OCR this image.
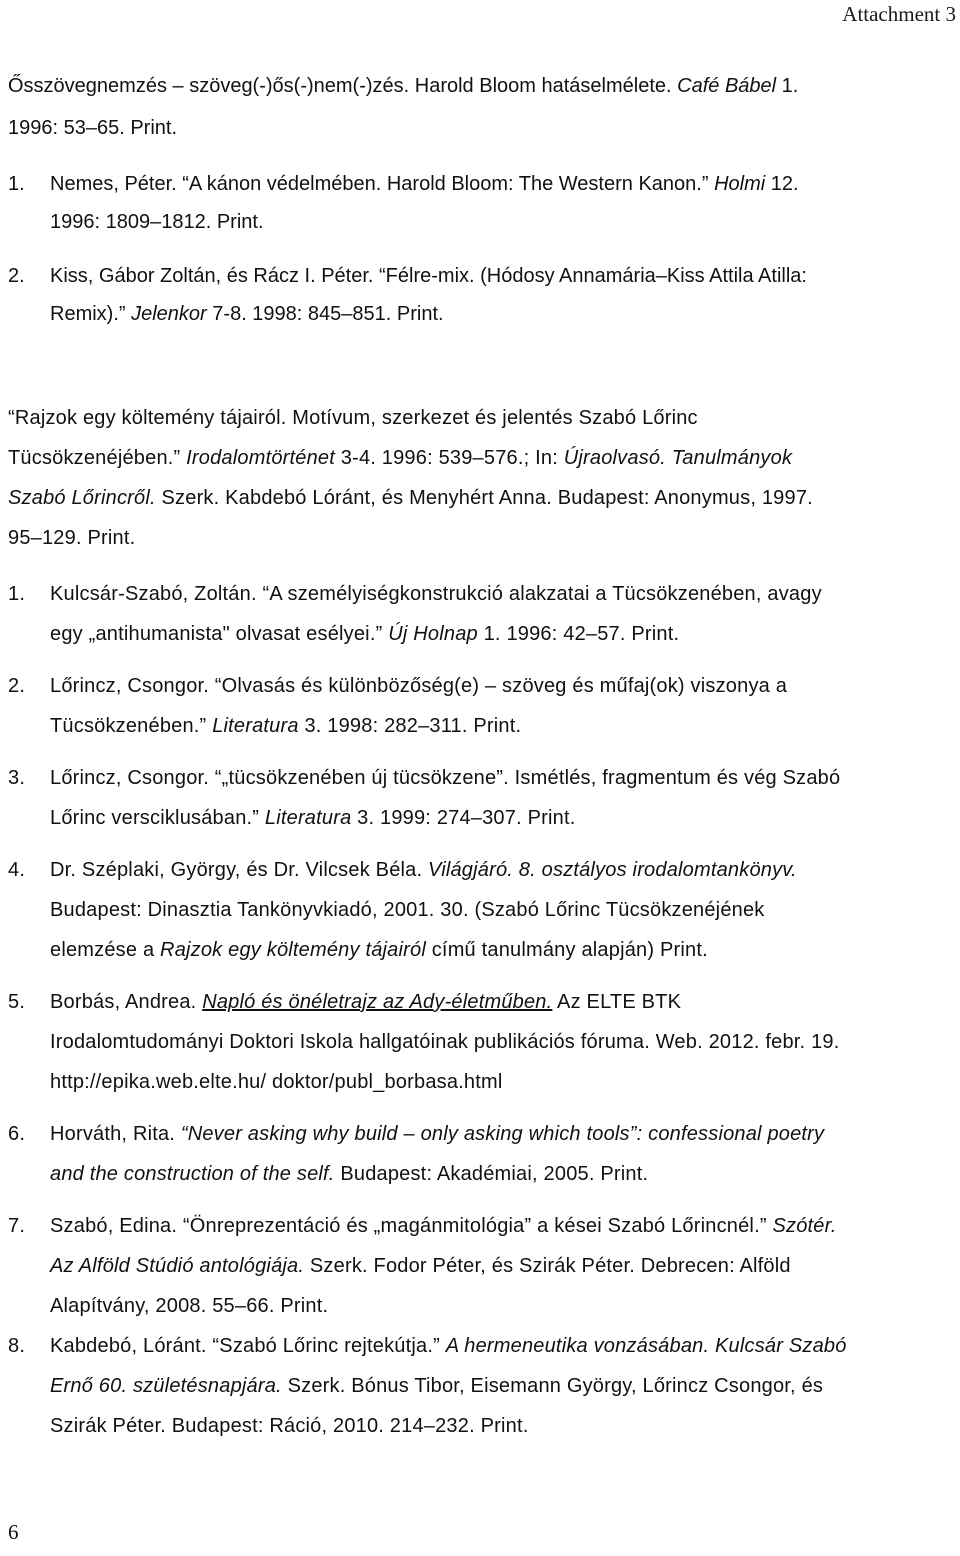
Attachment 3
Ősszövegnemzés – szöveg(-)ős(-)nem(-)zés. Harold Bloom hatáselmélete. Café Bábel 1.
1996: 53–65. Print.
1. Nemes, Péter. “A kánon védelmében. Harold Bloom: The Western Kanon.” Holmi 12.
1996: 1809–1812. Print.
2. Kiss, Gábor Zoltán, és Rácz I. Péter. “Félre-mix. (Hódosy Annamária–Kiss Attila Atilla:
Remix).” Jelenkor 7-8. 1998: 845–851. Print.
“Rajzok egy költemény tájairól. Motívum, szerkezet és jelentés Szabó Lőrinc
Tücsökzenéjében.” Irodalomtörténet 3-4. 1996: 539–576.; In: Újraolvasó. Tanulmányok
Szabó Lőrincről. Szerk. Kabdebó Lóránt, és Menyhért Anna. Budapest: Anonymus, 1997.
95–129. Print.
1. Kulcsár-Szabó, Zoltán. “A személyiségkonstrukció alakzatai a Tücsökzenében, avagy
egy „antihumanista" olvasat esélyei.” Új Holnap 1. 1996: 42–57. Print.
2. Lőrincz, Csongor. “Olvasás és különbözőség(e) – szöveg és műfaj(ok) viszonya a
Tücsökzenében.” Literatura 3. 1998: 282–311. Print.
3. Lőrincz, Csongor. “„tücsökzenében új tücsökzene”. Ismétlés, fragmentum és vég Szabó
Lőrinc versciklusában.” Literatura 3. 1999: 274–307. Print.
4. Dr. Széplaki, György, és Dr. Vilcsek Béla. Világjáró. 8. osztályos irodalomtankönyv.
Budapest: Dinasztia Tankönyvkiadó, 2001. 30. (Szabó Lőrinc Tücsökzenéjének
elemzése a Rajzok egy költemény tájairól című tanulmány alapján) Print.
5. Borbás, Andrea. Napló és önéletrajz az Ady-életműben. Az ELTE BTK
Irodalomtudományi Doktori Iskola hallgatóinak publikációs fóruma. Web. 2012. febr. 19.
http://epika.web.elte.hu/ doktor/publ_borbasa.html
6. Horváth, Rita. “Never asking why build – only asking which tools”: confessional poetry
and the construction of the self. Budapest: Akadémiai, 2005. Print.
7. Szabó, Edina. “Önreprezentáció és „magánmitológia” a kései Szabó Lőrincnél.” Szótér.
Az Alföld Stúdió antológiája. Szerk. Fodor Péter, és Szirák Péter. Debrecen: Alföld
Alapítvány, 2008. 55–66. Print.
8. Kabdebó, Lóránt. “Szabó Lőrinc rejtekútja.” A hermeneutika vonzásában. Kulcsár Szabó
Ernő 60. születésnapjára. Szerk. Bónus Tibor, Eisemann György, Lőrincz Csongor, és
Szirák Péter. Budapest: Ráció, 2010. 214–232. Print.
6
